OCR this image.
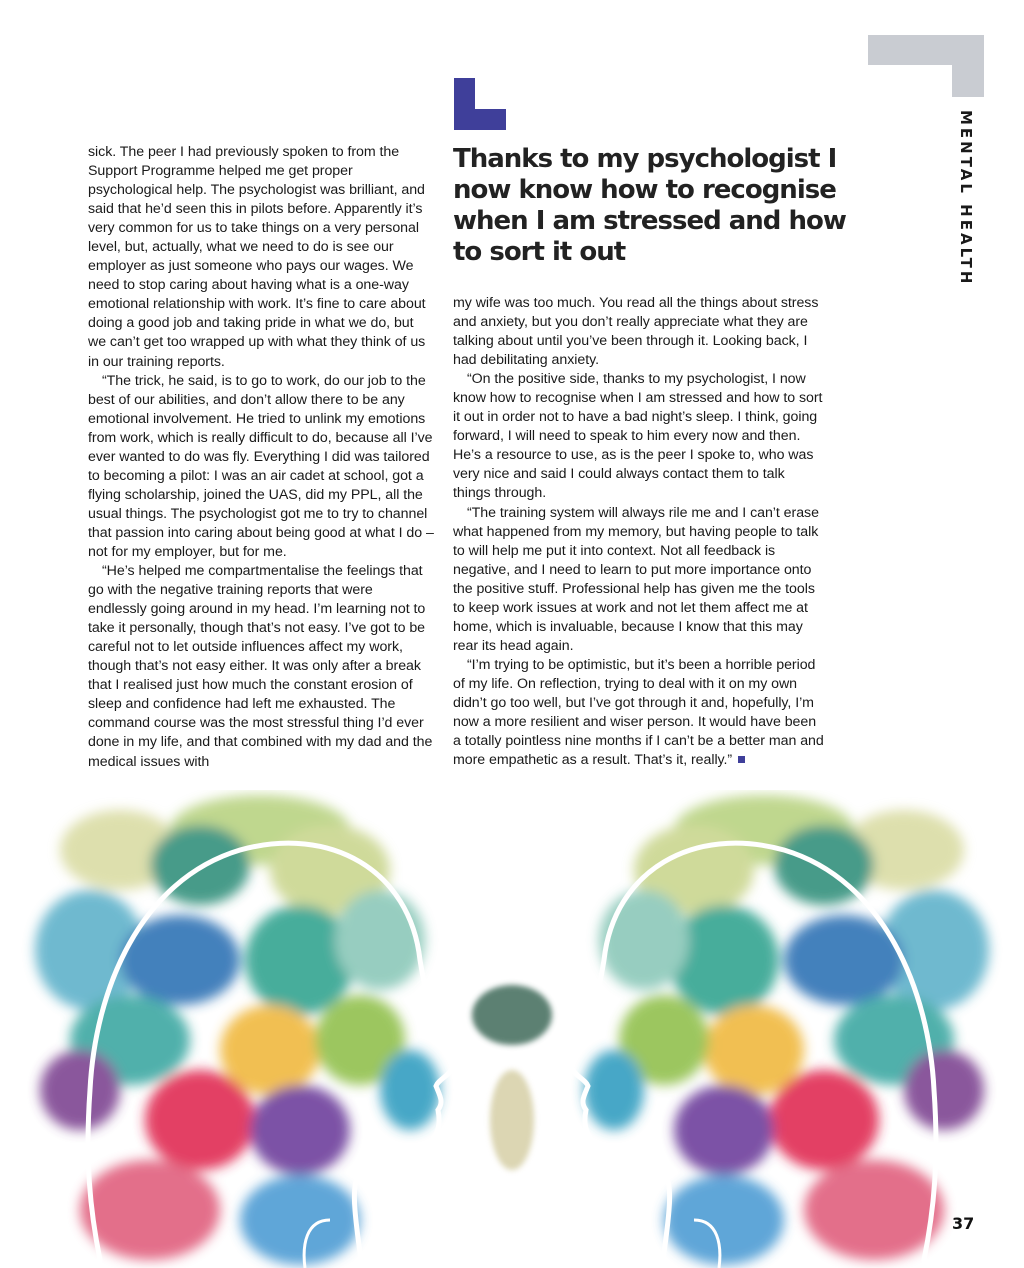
MENTAL HEALTH
Thanks to my psychologist I now know how to recognise when I am stressed and how to sort it out

sick. The peer I had previously spoken to from the Support Programme helped me get proper psychological help. The psychologist was brilliant, and said that he’d seen this in pilots before. Apparently it’s very common for us to take things on a very personal level, but, actually, what we need to do is see our employer as just someone who pays our wages. We need to stop caring about having what is a one-way emotional relationship with work. It’s fine to care about doing a good job and taking pride in what we do, but we can’t get too wrapped up with what they think of us in our training reports.

“The trick, he said, is to go to work, do our job to the best of our abilities, and don’t allow there to be any emotional involvement. He tried to unlink my emotions from work, which is really difficult to do, because all I’ve ever wanted to do was fly. Everything I did was tailored to becoming a pilot: I was an air cadet at school, got a flying scholarship, joined the UAS, did my PPL, all the usual things. The psychologist got me to try to channel that passion into caring about being good at what I do – not for my employer, but for me.

“He’s helped me compartmentalise the feelings that go with the negative training reports that were endlessly going around in my head. I’m learning not to take it personally, though that’s not easy. I’ve got to be careful not to let outside influences affect my work, though that’s not easy either. It was only after a break that I realised just how much the constant erosion of sleep and confidence had left me exhausted. The command course was the most stressful thing I’d ever done in my life, and that combined with my dad and the medical issues with

my wife was too much. You read all the things about stress and anxiety, but you don’t really appreciate what they are talking about until you’ve been through it. Looking back, I had debilitating anxiety.

“On the positive side, thanks to my psychologist, I now know how to recognise when I am stressed and how to sort it out in order not to have a bad night’s sleep. I think, going forward, I will need to speak to him every now and then. He’s a resource to use, as is the peer I spoke to, who was very nice and said I could always contact them to talk things through.

“The training system will always rile me and I can’t erase what happened from my memory, but having people to talk to will help me put it into context. Not all feedback is negative, and I need to learn to put more importance onto the positive stuff. Professional help has given me the tools to keep work issues at work and not let them affect me at home, which is invaluable, because I know that this may rear its head again.

“I’m trying to be optimistic, but it’s been a horrible period of my life. On reflection, trying to deal with it on my own didn’t go too well, but I’ve got through it and, hopefully, I’m now a more resilient and wiser person. It would have been a totally pointless nine months if I can’t be a better man and more empathetic as a result. That’s it, really.”

37
